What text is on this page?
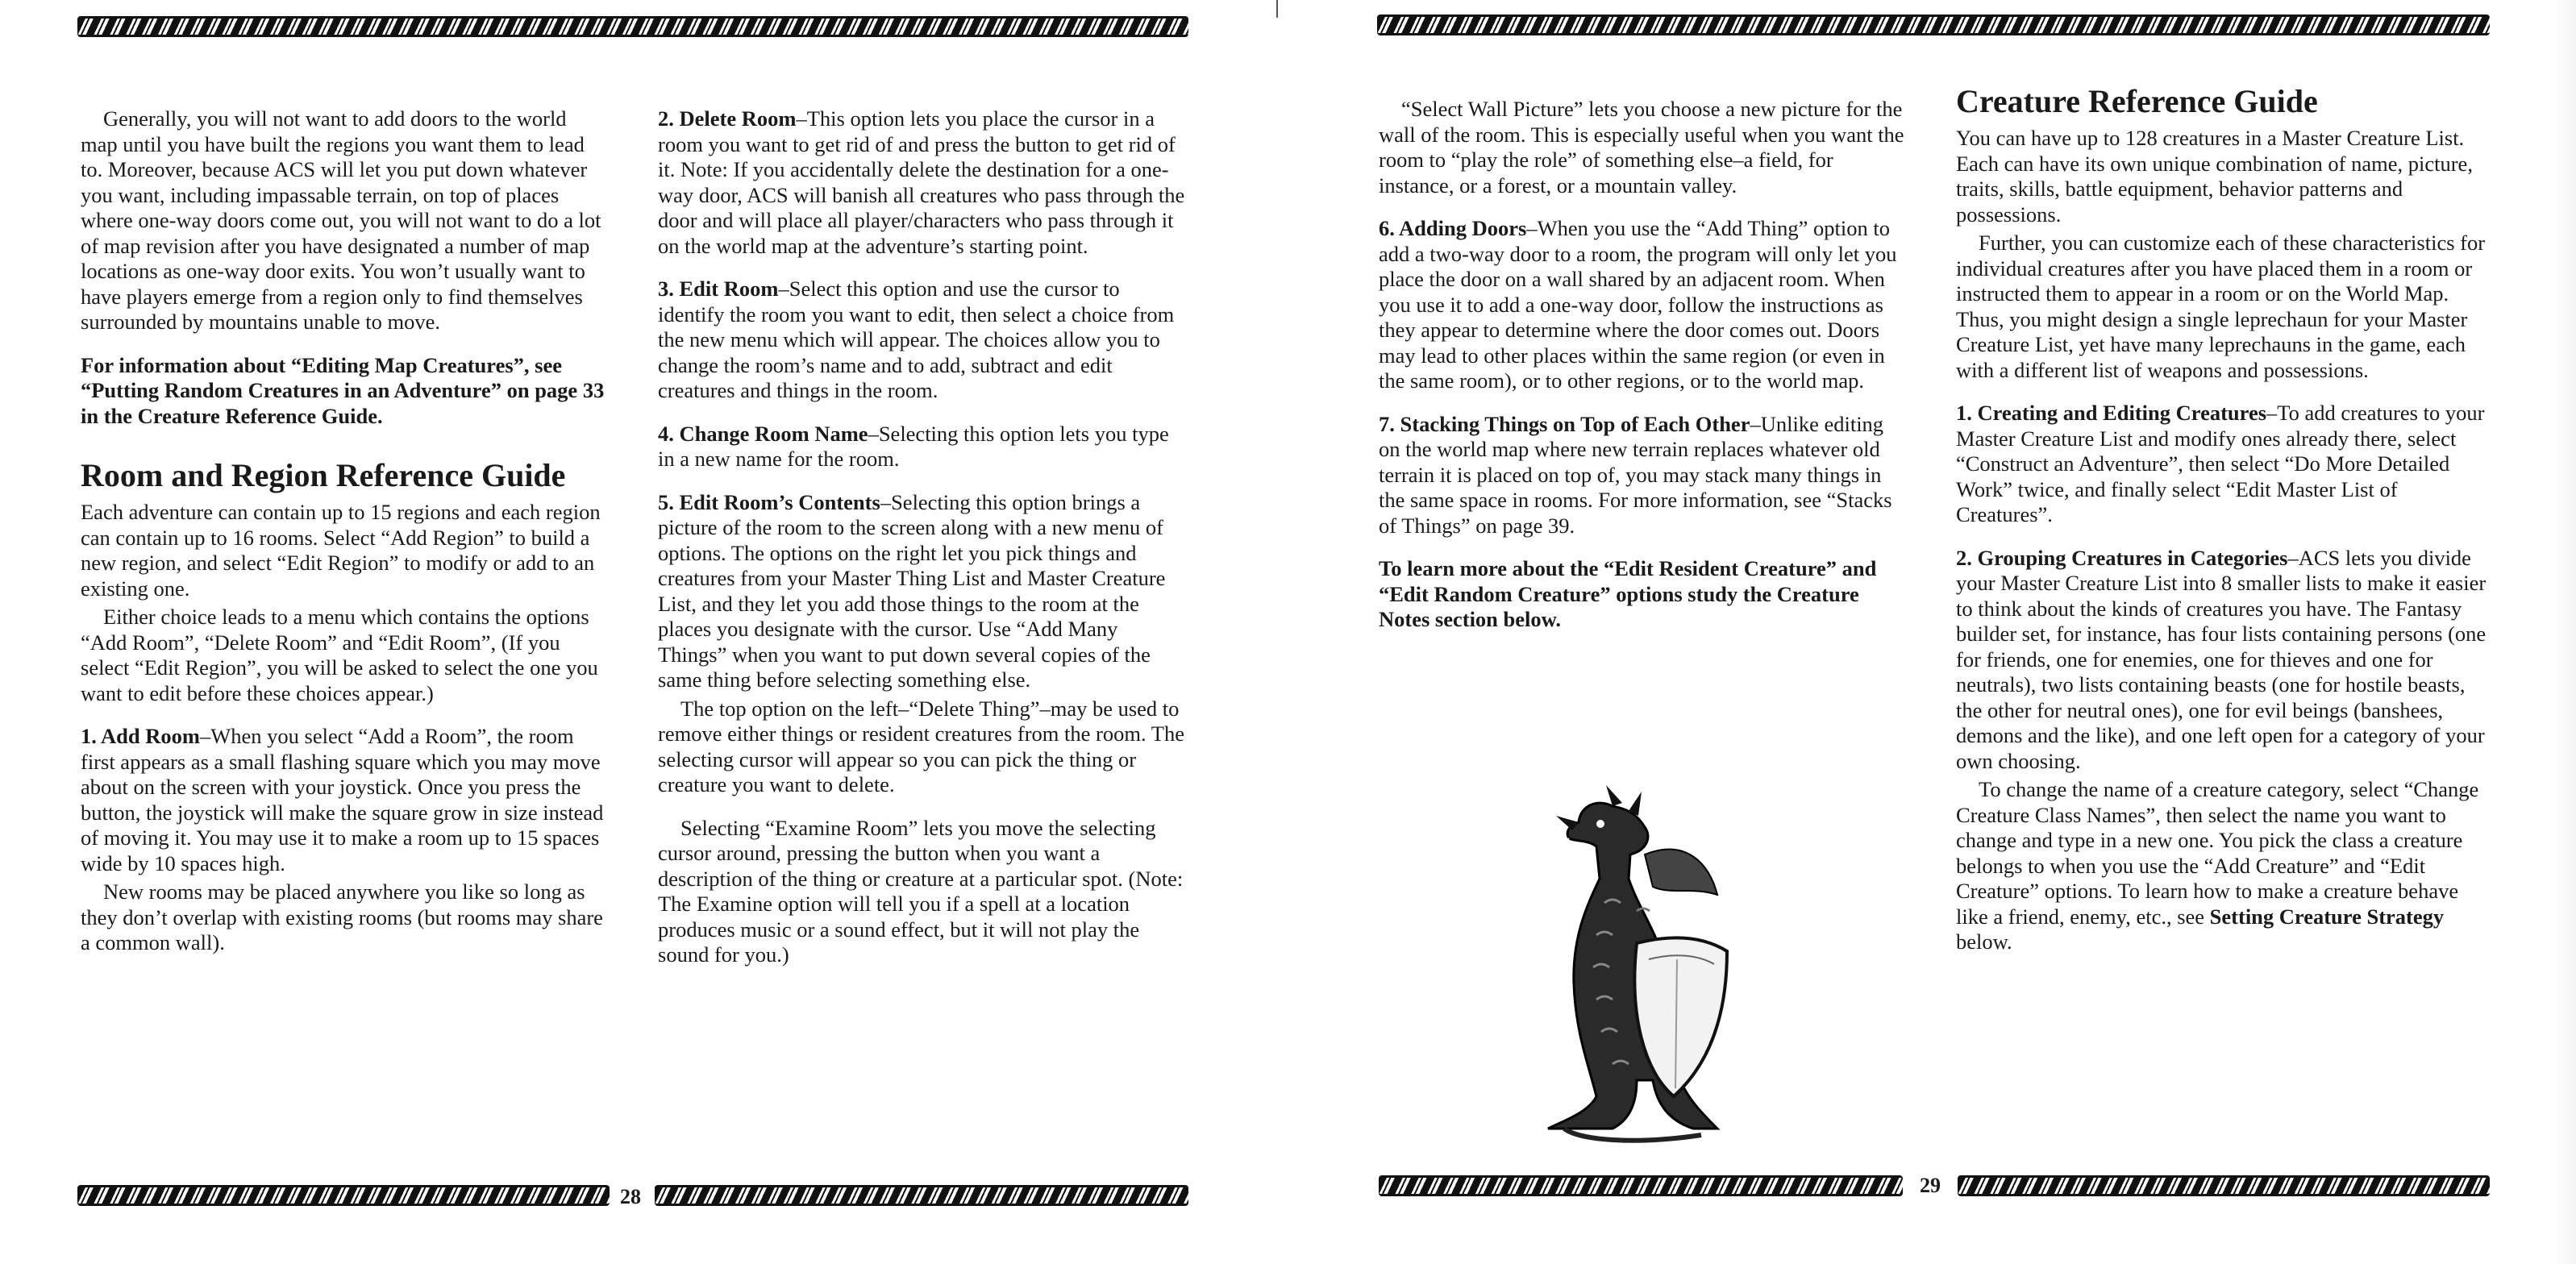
28	29

Generally, you will not want to add doors to the world map until you have built the regions you want them to lead to. Moreover, because ACS will let you put down whatever you want, including impassable terrain, on top of places where one-way doors come out, you will not want to do a lot of map revision after you have designated a number of map locations as one-way door exits. You won’t usually want to have players emerge from a region only to find themselves surrounded by mountains unable to move.

For information about “Editing Map Creatures”, see “Putting Random Creatures in an Adventure” on page 33 in the Creature Reference Guide.

Room and Region Reference Guide

Each adventure can contain up to 15 regions and each region can contain up to 16 rooms. Select “Add Region” to build a new region, and select “Edit Region” to modify or add to an existing one.

Either choice leads to a menu which contains the options “Add Room”, “Delete Room” and “Edit Room”, (If you select “Edit Region”, you will be asked to select the one you want to edit before these choices appear.)

1. Add Room–When you select “Add a Room”, the room first appears as a small flashing square which you may move about on the screen with your joystick. Once you press the button, the joystick will make the square grow in size instead of moving it. You may use it to make a room up to 15 spaces wide by 10 spaces high.

New rooms may be placed anywhere you like so long as they don’t overlap with existing rooms (but rooms may share a common wall).

2. Delete Room–This option lets you place the cursor in a room you want to get rid of and press the button to get rid of it. Note: If you accidentally delete the destination for a one-way door, ACS will banish all creatures who pass through the door and will place all player/characters who pass through it on the world map at the adventure’s starting point.

3. Edit Room–Select this option and use the cursor to identify the room you want to edit, then select a choice from the new menu which will appear. The choices allow you to change the room’s name and to add, subtract and edit creatures and things in the room.

4. Change Room Name–Selecting this option lets you type in a new name for the room.

5. Edit Room’s Contents–Selecting this option brings a picture of the room to the screen along with a new menu of options. The options on the right let you pick things and creatures from your Master Thing List and Master Creature List, and they let you add those things to the room at the places you designate with the cursor. Use “Add Many Things” when you want to put down several copies of the same thing before selecting something else.

The top option on the left–“Delete Thing”–may be used to remove either things or resident creatures from the room. The selecting cursor will appear so you can pick the thing or creature you want to delete.

Selecting “Examine Room” lets you move the selecting cursor around, pressing the button when you want a description of the thing or creature at a particular spot. (Note: The Examine option will tell you if a spell at a location produces music or a sound effect, but it will not play the sound for you.)

“Select Wall Picture” lets you choose a new picture for the wall of the room. This is especially useful when you want the room to “play the role” of something else–a field, for instance, or a forest, or a mountain valley.

6. Adding Doors–When you use the “Add Thing” option to add a two-way door to a room, the program will only let you place the door on a wall shared by an adjacent room. When you use it to add a one-way door, follow the instructions as they appear to determine where the door comes out. Doors may lead to other places within the same region (or even in the same room), or to other regions, or to the world map.

7. Stacking Things on Top of Each Other–Unlike editing on the world map where new terrain replaces whatever old terrain it is placed on top of, you may stack many things in the same space in rooms. For more information, see “Stacks of Things” on page 39.

To learn more about the “Edit Resident Creature” and “Edit Random Creature” options study the Creature Notes section below.

Creature Reference Guide

You can have up to 128 creatures in a Master Creature List. Each can have its own unique combination of name, picture, traits, skills, battle equipment, behavior patterns and possessions.

Further, you can customize each of these characteristics for individual creatures after you have placed them in a room or instructed them to appear in a room or on the World Map. Thus, you might design a single leprechaun for your Master Creature List, yet have many leprechauns in the game, each with a different list of weapons and possessions.

1. Creating and Editing Creatures–To add creatures to your Master Creature List and modify ones already there, select “Construct an Adventure”, then select “Do More Detailed Work” twice, and finally select “Edit Master List of Creatures”.

2. Grouping Creatures in Categories–ACS lets you divide your Master Creature List into 8 smaller lists to make it easier to think about the kinds of creatures you have. The Fantasy builder set, for instance, has four lists containing persons (one for friends, one for enemies, one for thieves and one for neutrals), two lists containing beasts (one for hostile beasts, the other for neutral ones), one for evil beings (banshees, demons and the like), and one left open for a category of your own choosing.

To change the name of a creature category, select “Change Creature Class Names”, then select the name you want to change and type in a new one. You pick the class a creature belongs to when you use the “Add Creature” and “Edit Creature” options. To learn how to make a creature behave like a friend, enemy, etc., see Setting Creature Strategy below.
